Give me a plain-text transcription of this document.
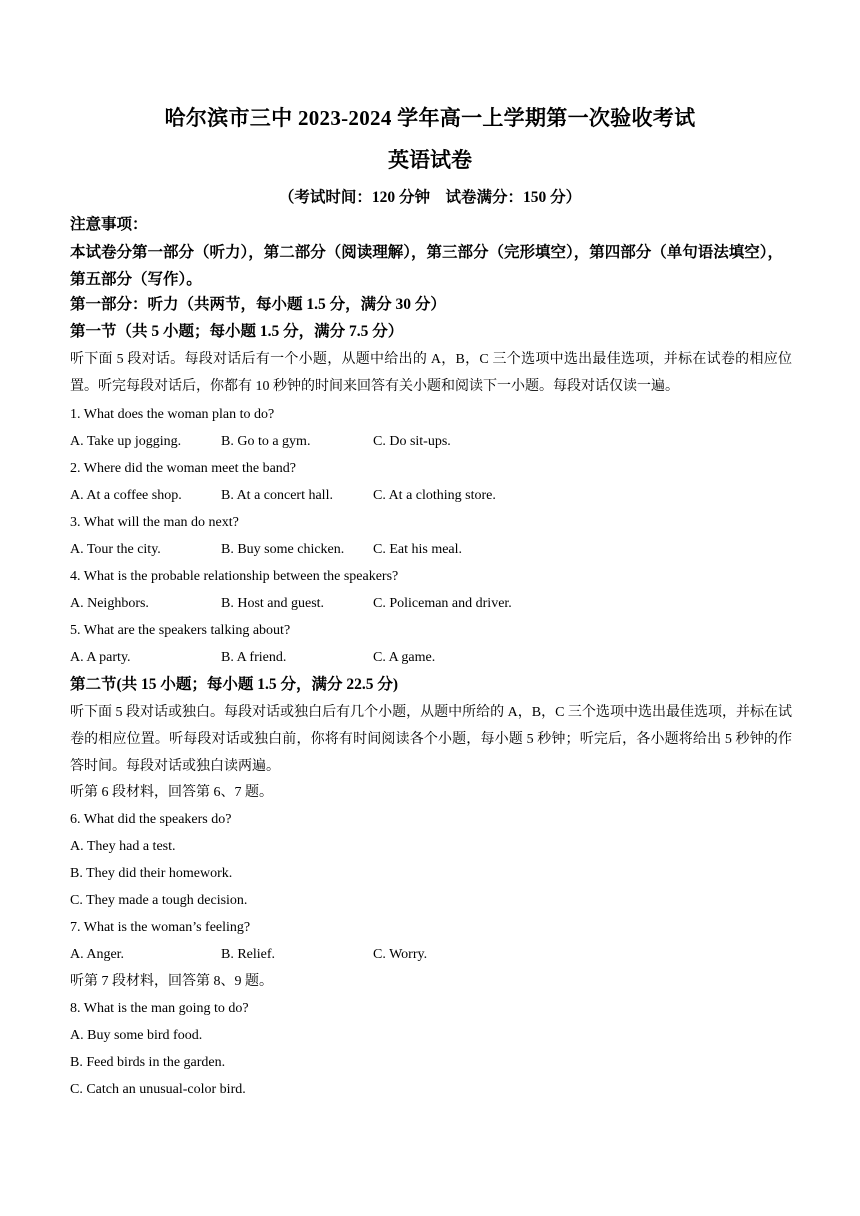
哈尔滨市三中 2023-2024 学年高一上学期第一次验收考试
英语试卷
（考试时间：120 分钟　试卷满分：150 分）
注意事项：
本试卷分第一部分（听力），第二部分（阅读理解），第三部分（完形填空），第四部分（单句语法填空），第五部分（写作）。
第一部分：听力（共两节，每小题 1.5 分，满分 30 分）
第一节（共 5 小题；每小题 1.5 分，满分 7.5 分）
听下面 5 段对话。每段对话后有一个小题，从题中给出的 A，B，C 三个选项中选出最佳选项，并标在试卷的相应位置。听完每段对话后，你都有 10 秒钟的时间来回答有关小题和阅读下一小题。每段对话仅读一遍。
1. What does the woman plan to do?
A. Take up jogging.	B. Go to a gym.	C. Do sit-ups.
2. Where did the woman meet the band?
A. At a coffee shop.	B. At a concert hall.	C. At a clothing store.
3. What will the man do next?
A. Tour the city.	B. Buy some chicken. C. Eat his meal.
4. What is the probable relationship between the speakers?
A. Neighbors.	B. Host and guest.	C. Policeman and driver.
5. What are the speakers talking about?
A. A party.	B. A friend.	C. A game.
第二节(共 15 小题；每小题 1.5 分，满分 22.5 分)
听下面 5 段对话或独白。每段对话或独白后有几个小题，从题中所给的 A，B，C 三个选项中选出最佳选项，并标在试卷的相应位置。听每段对话或独白前，你将有时间阅读各个小题，每小题 5 秒钟；听完后，各小题将给出 5 秒钟的作答时间。每段对话或独白读两遍。
听第 6 段材料，回答第 6、7 题。
6. What did the speakers do?
A. They had a test.
B. They did their homework.
C. They made a tough decision.
7. What is the woman’s feeling?
A. Anger.	B. Relief.	C. Worry.
听第 7 段材料，回答第 8、9 题。
8. What is the man going to do?
A. Buy some bird food.
B. Feed birds in the garden.
C. Catch an unusual-color bird.
